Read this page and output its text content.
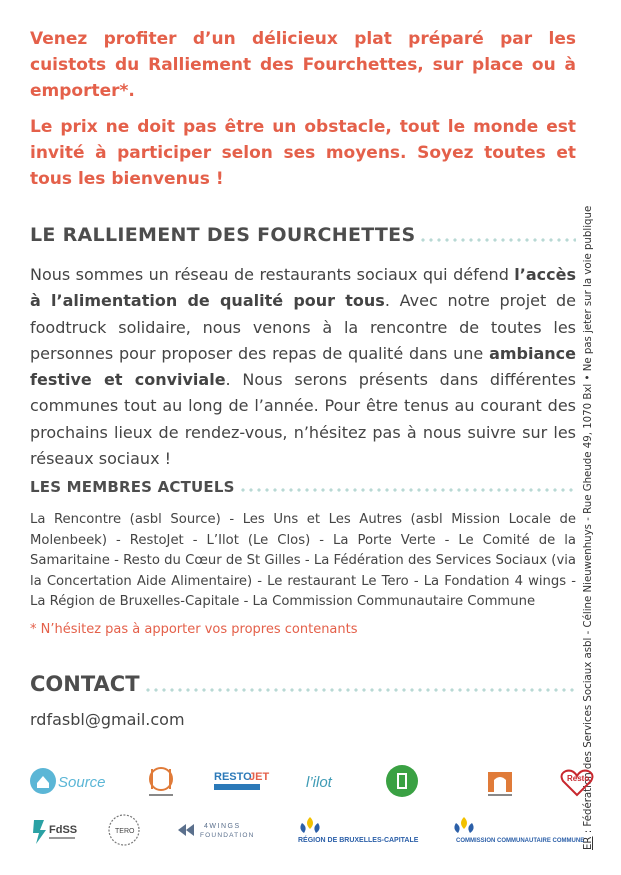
Venez profiter d’un délicieux plat préparé par les cuistots du Ralliement des Fourchettes, sur place ou à emporter*.

Le prix ne doit pas être un obstacle, tout le monde est invité à participer selon ses moyens. Soyez toutes et tous les bienvenus !

LE RALLIEMENT DES FOURCHETTES
Nous sommes un réseau de restaurants sociaux qui défend l’accès à l’alimentation de qualité pour tous. Avec notre projet de foodtruck solidaire, nous venons à la rencontre de toutes les personnes pour proposer des repas de qualité dans une ambiance festive et conviviale. Nous serons présents dans différentes communes tout au long de l’année. Pour être tenus au courant des prochains lieux de rendez-vous, n’hésitez pas à nous suivre sur les réseaux sociaux !
LES MEMBRES ACTUELS
La Rencontre (asbl Source) - Les Uns et Les Autres (asbl Mission Locale de Molenbeek) - RestoJet - L’Ilot (Le Clos) - La Porte Verte - Le Comité de la Samaritaine - Resto du Cœur de St Gilles - La Fédération des Services Sociaux (via la Concertation Aide Alimentaire) - Le restaurant Le Tero - La Fondation 4 wings - La Région de Bruxelles-Capitale - La Commission Communautaire Commune
* N’hésitez pas à apporter vos propres contenants
CONTACT
rdfasbl@gmail.com
ER : Fédération des Services Sociaux asbl - Céline Nieuwenhuys - Rue Gheude 49, 1070 Bxl • Ne pas jeter sur la voie publique
Source	RESTO
JET l’ilot	Resto
FdSS	TERO
4WINGS
FOUNDATION
RÉGION DE BRUXELLES-CAPITALE	COMMISSION COMMUNAUTAIRE COMMUNE
